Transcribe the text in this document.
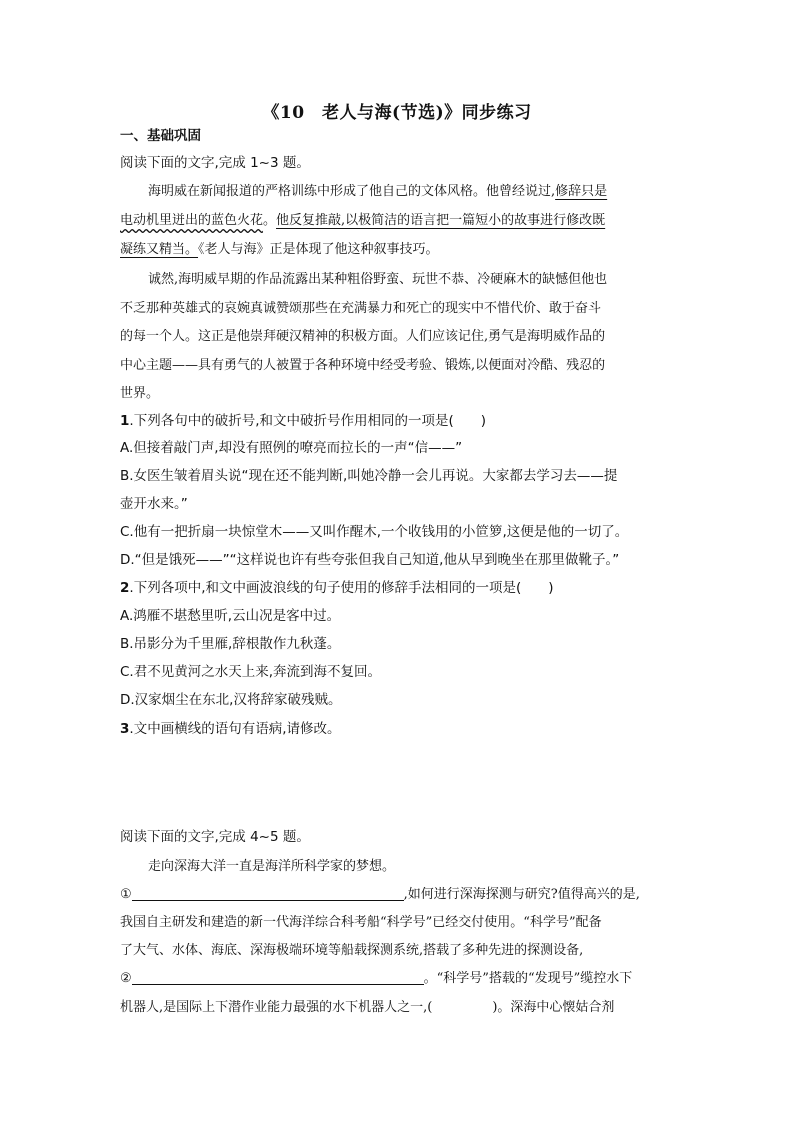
《10　老人与海(节选)》同步练习
一、基础巩固
阅读下面的文字,完成 1~3 题。
海明威在新闻报道的严格训练中形成了他自己的文体风格。他曾经说过,修辞只是
电动机里迸出的蓝色火花。他反复推敲,以极简洁的语言把一篇短小的故事进行修改既
凝练又精当。《老人与海》正是体现了他这种叙事技巧。
诚然,海明威早期的作品流露出某种粗俗野蛮、玩世不恭、冷硬麻木的缺憾但他也
不乏那种英雄式的哀婉真诚赞颂那些在充满暴力和死亡的现实中不惜代价、敢于奋斗
的每一个人。这正是他崇拜硬汉精神的积极方面。人们应该记住,勇气是海明威作品的
中心主题——具有勇气的人被置于各种环境中经受考验、锻炼,以便面对冷酷、残忍的
世界。
1.下列各句中的破折号,和文中破折号作用相同的一项是(　　)
A.但接着敲门声,却没有照例的嘹亮而拉长的一声“信——”
B.女医生皱着眉头说“现在还不能判断,叫她冷静一会儿再说。大家都去学习去——提
壶开水来。”
C.他有一把折扇一块惊堂木——又叫作醒木,一个收钱用的小笸箩,这便是他的一切了。
D.“但是饿死——”“这样说也许有些夸张但我自己知道,他从早到晚坐在那里做靴子。”
2.下列各项中,和文中画波浪线的句子使用的修辞手法相同的一项是(　　)
A.鸿雁不堪愁里听,云山况是客中过。
B.吊影分为千里雁,辞根散作九秋蓬。
C.君不见黄河之水天上来,奔流到海不复回。
D.汉家烟尘在东北,汉将辞家破残贼。
3.文中画横线的语句有语病,请修改。
阅读下面的文字,完成 4~5 题。
走向深海大洋一直是海洋所科学家的梦想。
①	,如何进行深海探测与研究?值得高兴的是,
我国自主研发和建造的新一代海洋综合科考船“科学号”已经交付使用。“科学号”配备
了大气、水体、海底、深海极端环境等船载探测系统,搭载了多种先进的探测设备,
②	。“科学号”搭载的“发现号”缆控水下
机器人,是国际上下潜作业能力最强的水下机器人之一,(	)。深海中心懐姑合剂
